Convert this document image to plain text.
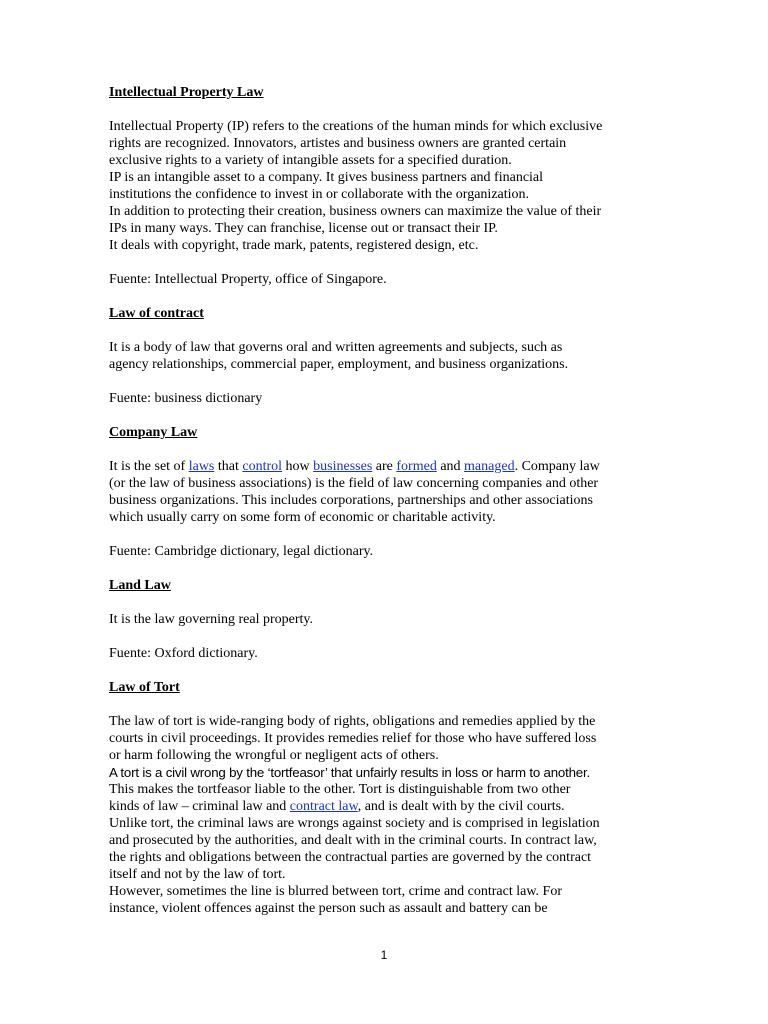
Intellectual Property Law

Intellectual Property (IP) refers to the creations of the human minds for which exclusive

rights are recognized. Innovators, artistes and business owners are granted certain

exclusive rights to a variety of intangible assets for a specified duration.

IP is an intangible asset to a company. It gives business partners and financial

institutions the confidence to invest in or collaborate with the organization.

In addition to protecting their creation, business owners can maximize the value of their

IPs in many ways. They can franchise, license out or transact their IP.

It deals with copyright, trade mark, patents, registered design, etc.

Fuente: Intellectual Property, office of Singapore.

Law of contract

It is a body of law that governs oral and written agreements and subjects, such as

agency relationships, commercial paper, employment, and business organizations.

Fuente: business dictionary

Company Law

It is the set of laws that control how businesses are formed and managed. Company law

(or the law of business associations) is the field of law concerning companies and other

business organizations. This includes corporations, partnerships and other associations

which usually carry on some form of economic or charitable activity.

Fuente: Cambridge dictionary, legal dictionary.

Land Law

It is the law governing real property.

Fuente: Oxford dictionary.

Law of Tort

The law of tort is wide-ranging body of rights, obligations and remedies applied by the

courts in civil proceedings. It provides remedies relief for those who have suffered loss

or harm following the wrongful or negligent acts of others.

A tort is a civil wrong by the ‘tortfeasor’ that unfairly results in loss or harm to another.

This makes the tortfeasor liable to the other. Tort is distinguishable from two other

kinds of law – criminal law and contract law, and is dealt with by the civil courts.

Unlike tort, the criminal laws are wrongs against society and is comprised in legislation

and prosecuted by the authorities, and dealt with in the criminal courts. In contract law,

the rights and obligations between the contractual parties are governed by the contract

itself and not by the law of tort.

However, sometimes the line is blurred between tort, crime and contract law. For

instance, violent offences against the person such as assault and battery can be

1
